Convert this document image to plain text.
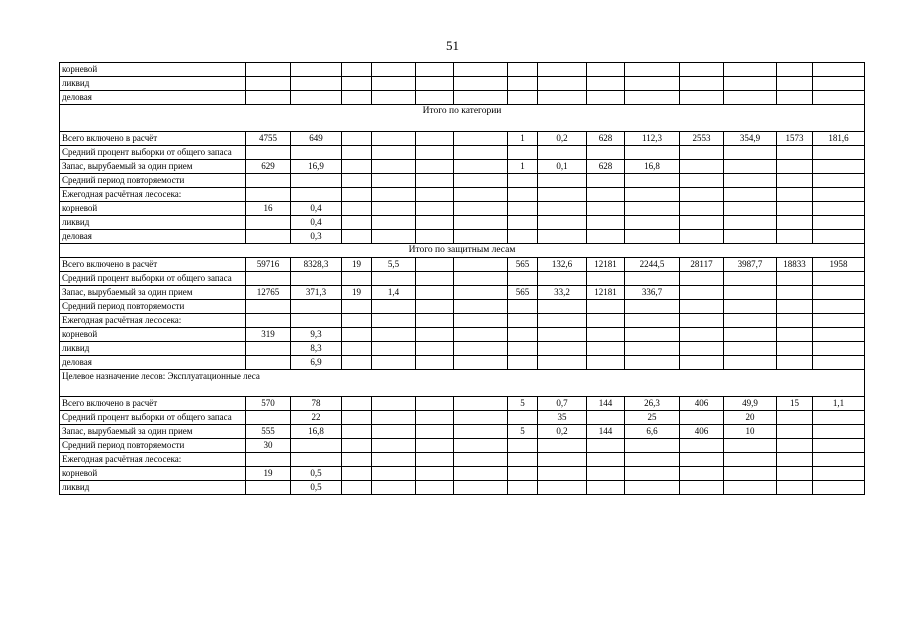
51
корневой														
ликвид														
деловая														
Итого по категории														
Всего включено в расчёт	4755	649					1	0,2	628	112,3	2553	354,9	1573	181,6
Средний процент выборки от общего запаса														
Запас, вырубаемый за один прием	629	16,9					1	0,1	628	16,8				
Средний период повторяемости														
Ежегодная расчётная лесосека:														
корневой	16	0,4												
ликвид		0,4												
деловая		0,3												
Итого по защитным лесам														
Всего включено в расчёт	59716	8328,3	19	5,5			565	132,6	12181	2244,5	28117	3987,7	18833	1958
Средний процент выборки от общего запаса														
Запас, вырубаемый за один прием	12765	371,3	19	1,4			565	33,2	12181	336,7				
Средний период повторяемости														
Ежегодная расчётная лесосека:														
корневой	319	9,3												
ликвид		8,3												
деловая		6,9												
Целевое назначение лесов: Эксплуатационные леса														
Всего включено в расчёт	570	78					5	0,7	144	26,3	406	49,9	15	1,1
Средний процент выборки от общего запаса		22						35		25		20		
Запас, вырубаемый за один прием	555	16,8					5	0,2	144	6,6	406	10		
Средний период повторяемости	30													
Ежегодная расчётная лесосека:														
корневой	19	0,5												
ликвид		0,5												
